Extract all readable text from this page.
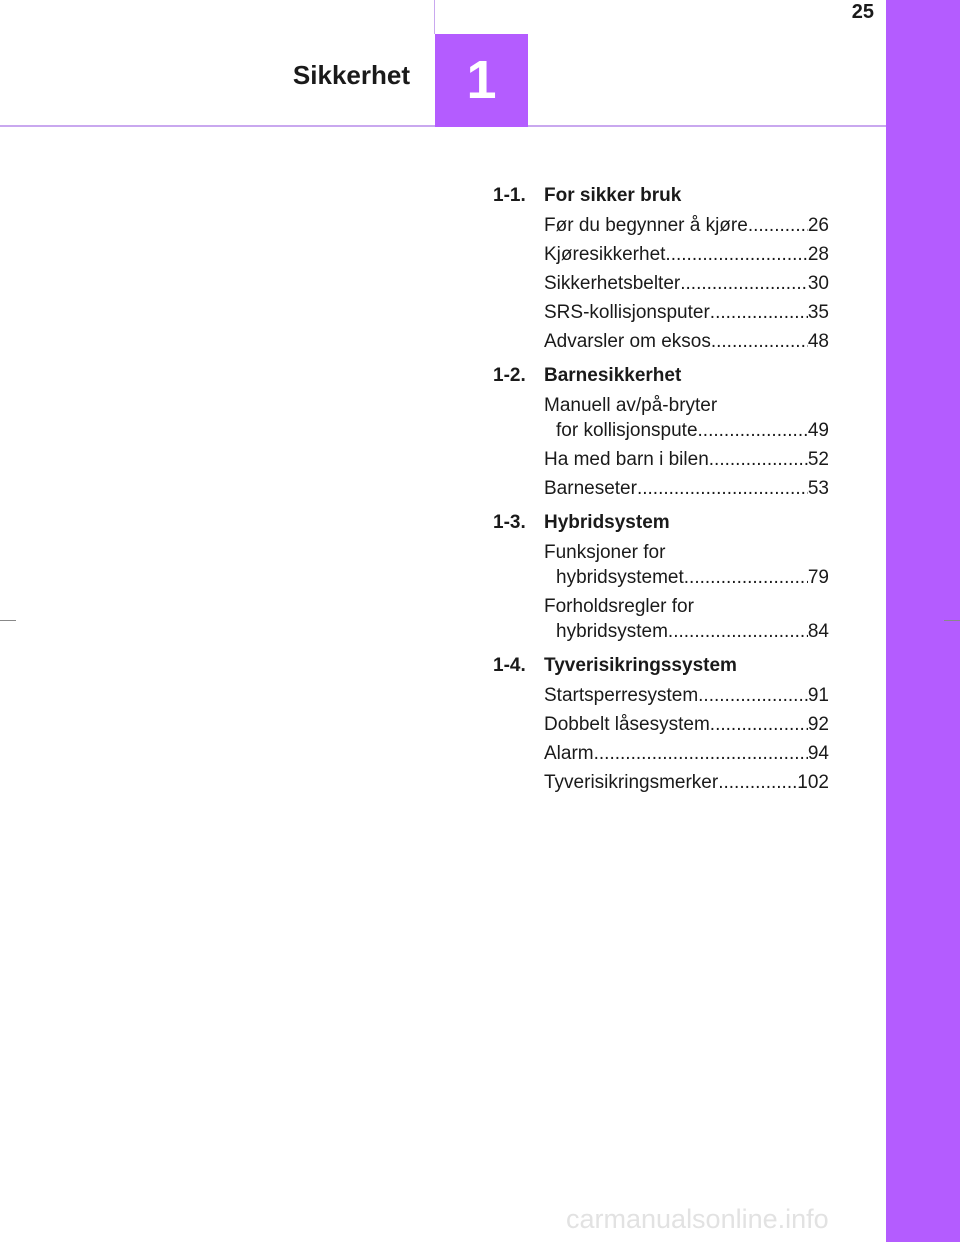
25
Sikkerhet	1
1-1. For sikker bruk
Før du begynner å kjøre .....	26
Kjøresikkerhet .....	28
Sikkerhetsbelter .....	30
SRS-kollisjonsputer .....	35
Advarsler om eksos .....	48
1-2. Barnesikkerhet
Manuell av/på-bryter
for kollisjonspute .....	49
Ha med barn i bilen .....	52
Barneseter .....	53
1-3. Hybridsystem
Funksjoner for
hybridsystemet .....	79
Forholdsregler for
hybridsystem .....	84
1-4. Tyverisikringssystem
Startsperresystem .....	91
Dobbelt låsesystem .....	92
Alarm .....	94
Tyverisikringsmerker .....	102
carmanualsonline.info
